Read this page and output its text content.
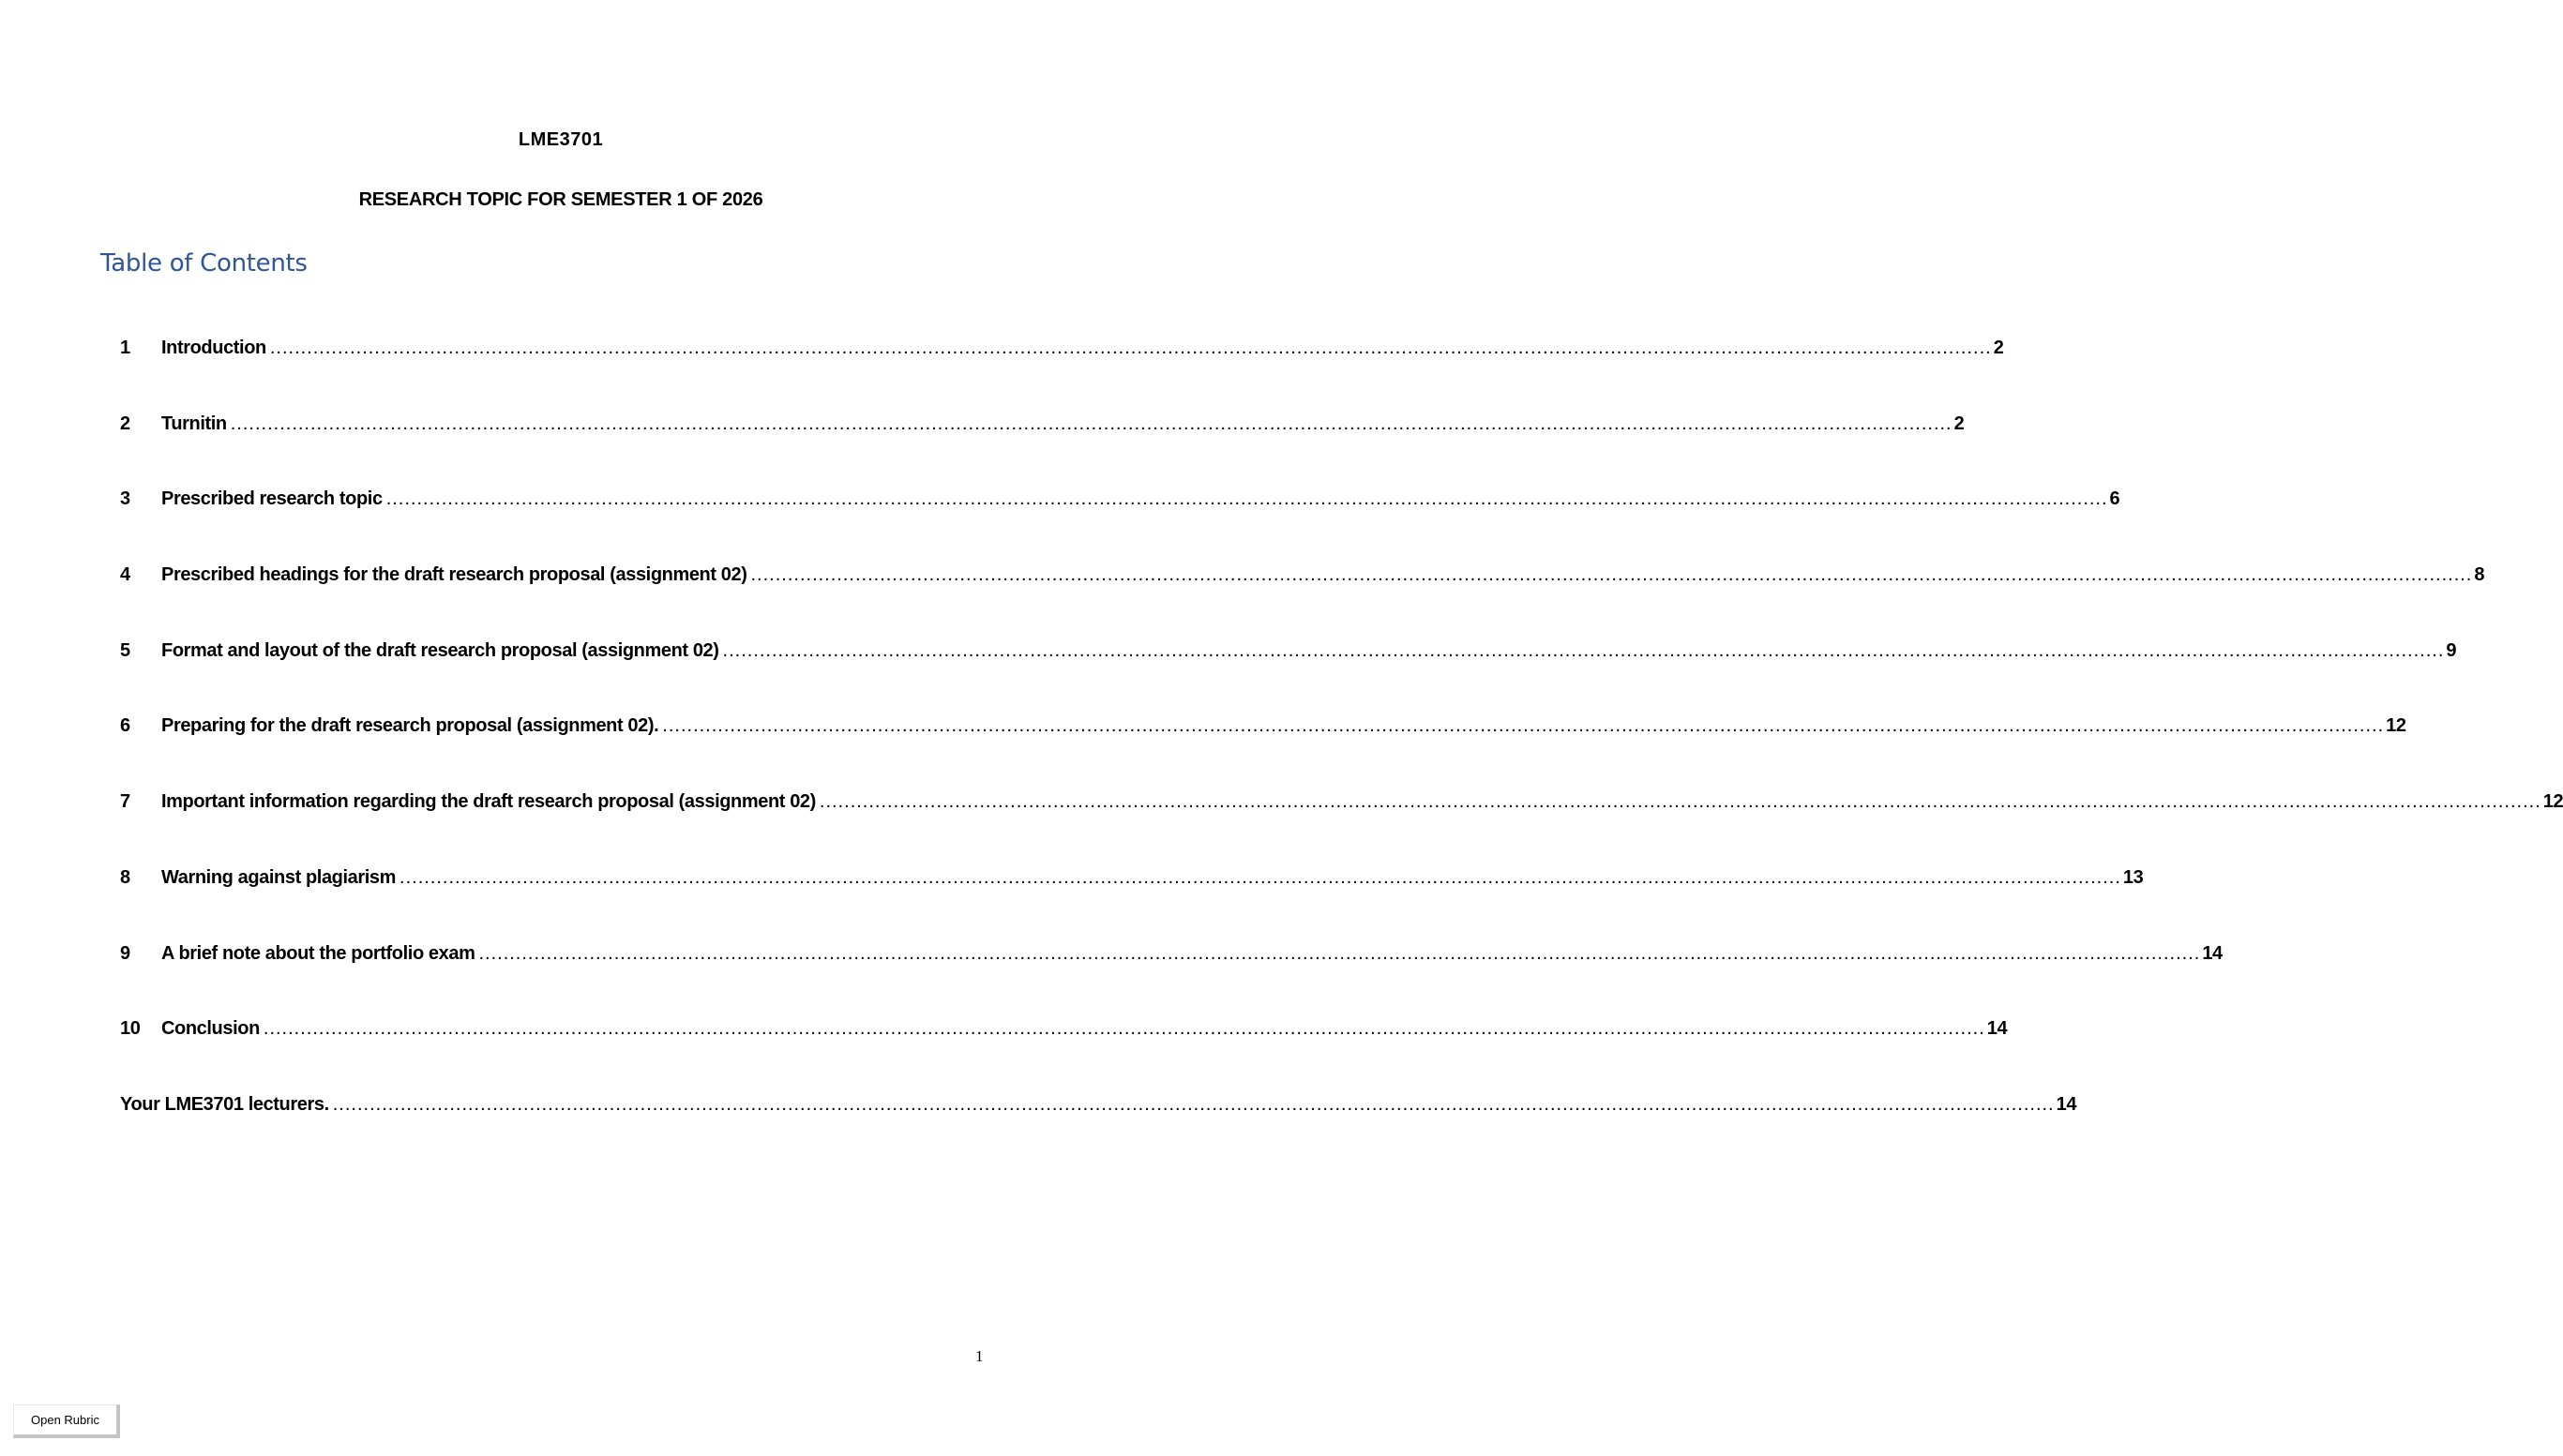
LME3701
RESEARCH TOPIC FOR SEMESTER 1 OF 2026
Table of Contents
1	Introduction .....	2
2	Turnitin .....	2
3	Prescribed research topic .....	6
4	Prescribed headings for the draft research proposal (assignment 02) .....	8
5	Format and layout of the draft research proposal (assignment 02) .....	9
6	Preparing for the draft research proposal (assignment 02). .....	12
7	Important information regarding the draft research proposal (assignment 02) .....	12
8	Warning against plagiarism .....	13
9	A brief note about the portfolio exam .....	14
10	Conclusion .....	14
Your LME3701 lecturers. .....	14
1
Open Rubric
